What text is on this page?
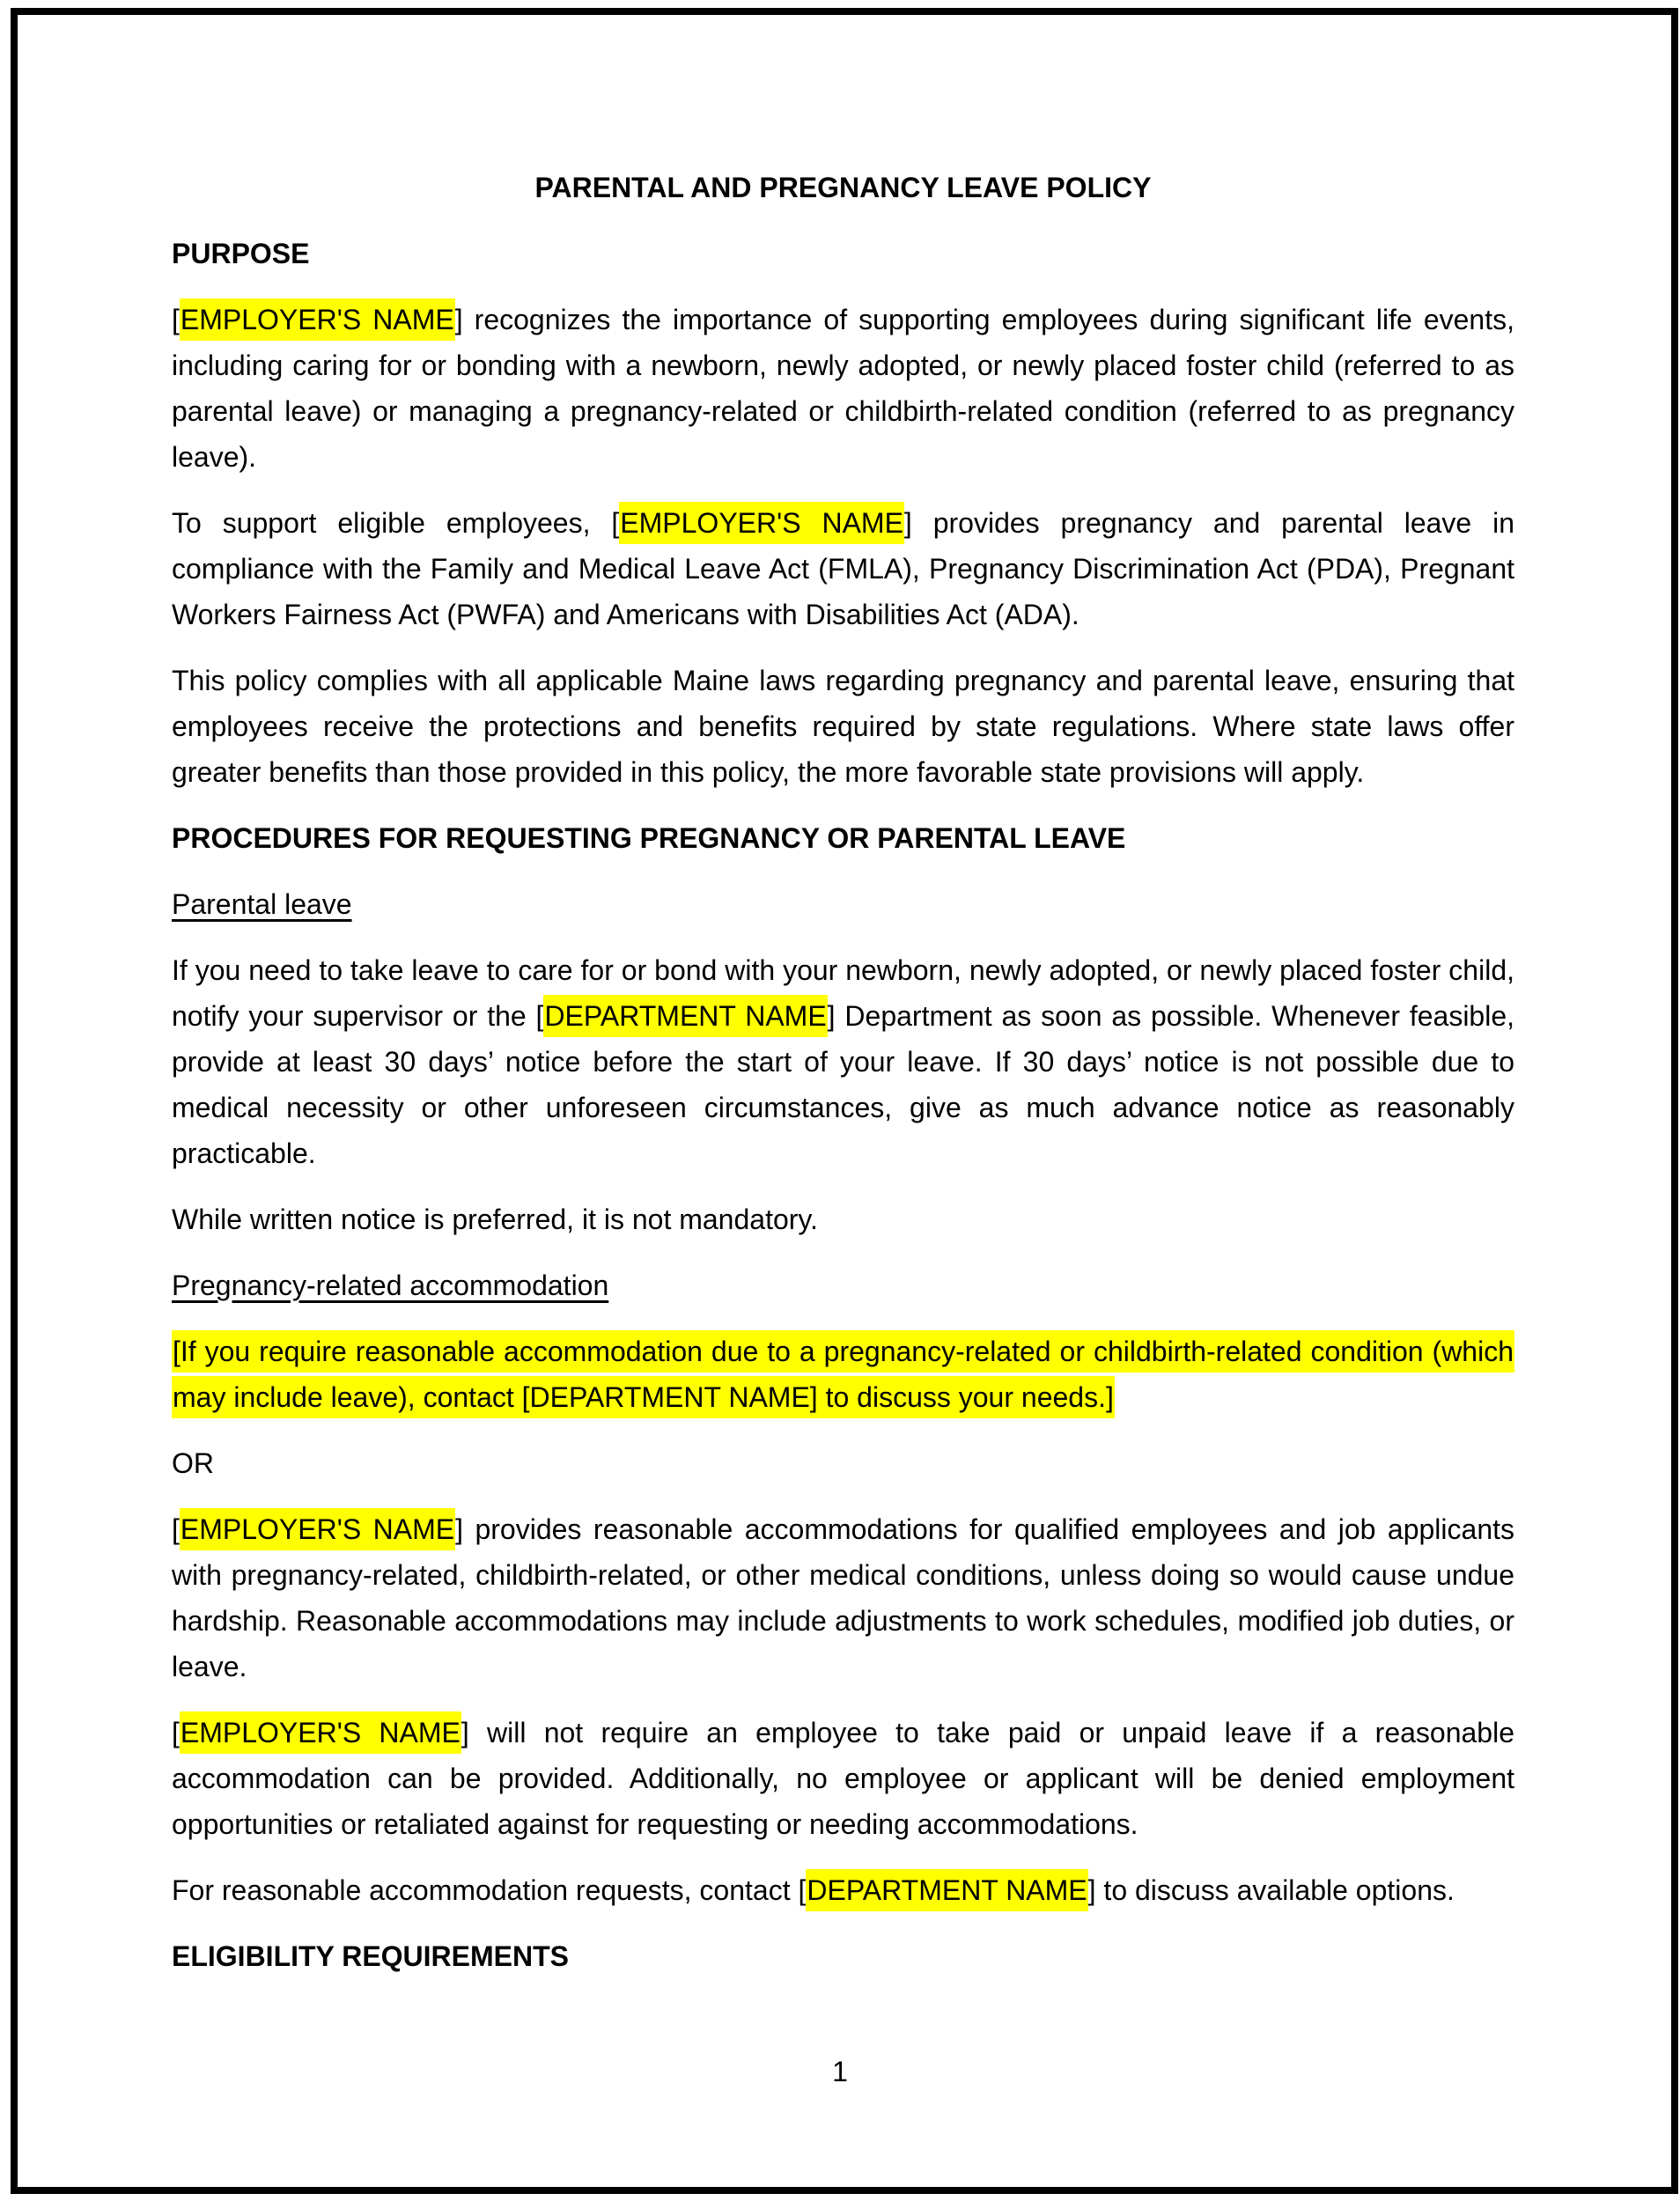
PARENTAL AND PREGNANCY LEAVE POLICY

PURPOSE

[EMPLOYER'S NAME] recognizes the importance of supporting employees during significant life events, including caring for or bonding with a newborn, newly adopted, or newly placed foster child (referred to as parental leave) or managing a pregnancy-related or childbirth-related condition (referred to as pregnancy leave).

To support eligible employees, [EMPLOYER'S NAME] provides pregnancy and parental leave in compliance with the Family and Medical Leave Act (FMLA), Pregnancy Discrimination Act (PDA), Pregnant Workers Fairness Act (PWFA) and Americans with Disabilities Act (ADA).

This policy complies with all applicable Maine laws regarding pregnancy and parental leave, ensuring that employees receive the protections and benefits required by state regulations. Where state laws offer greater benefits than those provided in this policy, the more favorable state provisions will apply.

PROCEDURES FOR REQUESTING PREGNANCY OR PARENTAL LEAVE

Parental leave

If you need to take leave to care for or bond with your newborn, newly adopted, or newly placed foster child, notify your supervisor or the [DEPARTMENT NAME] Department as soon as possible. Whenever feasible, provide at least 30 days’ notice before the start of your leave. If 30 days’ notice is not possible due to medical necessity or other unforeseen circumstances, give as much advance notice as reasonably practicable.

While written notice is preferred, it is not mandatory.

Pregnancy-related accommodation

[If you require reasonable accommodation due to a pregnancy-related or childbirth-related condition (which may include leave), contact [DEPARTMENT NAME] to discuss your needs.]

OR

[EMPLOYER'S NAME] provides reasonable accommodations for qualified employees and job applicants with pregnancy-related, childbirth-related, or other medical conditions, unless doing so would cause undue hardship. Reasonable accommodations may include adjustments to work schedules, modified job duties, or leave.

[EMPLOYER'S NAME] will not require an employee to take paid or unpaid leave if a reasonable accommodation can be provided. Additionally, no employee or applicant will be denied employment opportunities or retaliated against for requesting or needing accommodations.

For reasonable accommodation requests, contact [DEPARTMENT NAME] to discuss available options.

ELIGIBILITY REQUIREMENTS

1
